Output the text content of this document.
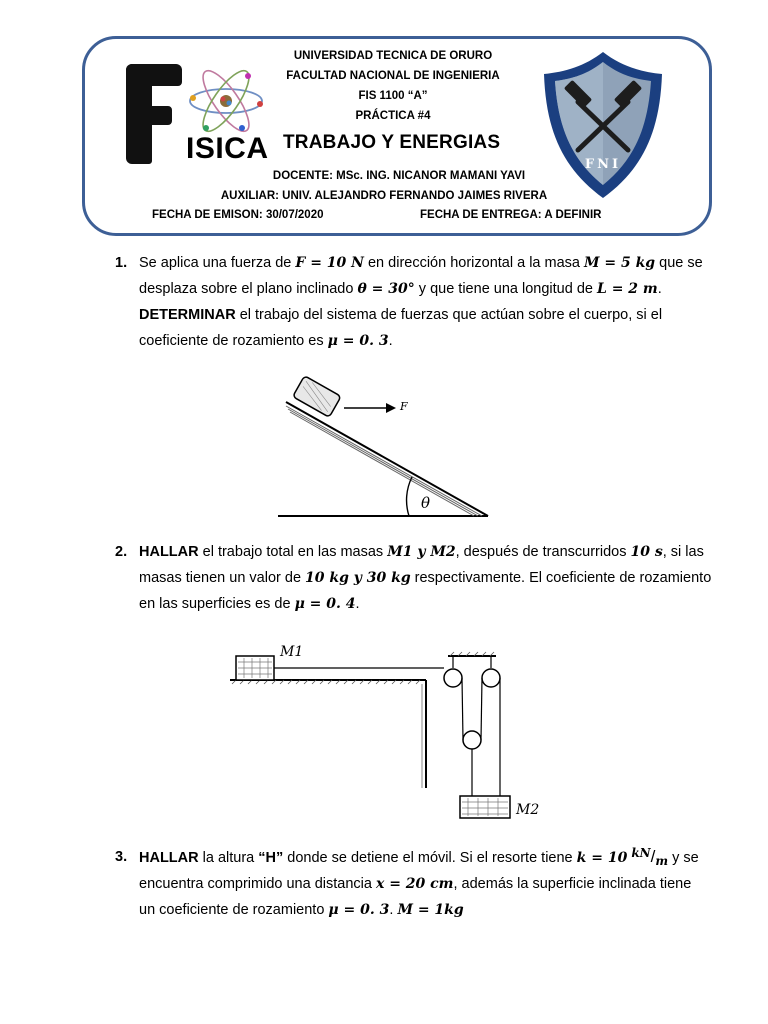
ISICA
UNIVERSIDAD TECNICA DE ORURO
FACULTAD NACIONAL DE INGENIERIA
FIS 1100 “A”
PRÁCTICA #4
TRABAJO Y ENERGIAS
DOCENTE: MSc. ING. NICANOR MAMANI YAVI
AUXILIAR: UNIV. ALEJANDRO FERNANDO JAIMES RIVERA
FECHA DE EMISON: 30/07/2020	FECHA DE ENTREGA: A DEFINIR
FNI
1. Se aplica una fuerza de F = 10 N en dirección horizontal a la masa M = 5 kg que se
desplaza sobre el plano inclinado θ = 30° y que tiene una longitud de L = 2 m.
DETERMINAR el trabajo del sistema de fuerzas que actúan sobre el cuerpo, si el
coeficiente de rozamiento es μ = 0. 3.
F
θ
2. HALLAR el trabajo total en las masas M1 y M2, después de transcurridos 10 s, si las
masas tienen un valor de 10 kg y 30 kg respectivamente. El coeficiente de rozamiento
en las superficies es de μ = 0. 4.
M1
M2
3. HALLAR la altura “H” donde se detiene el móvil. Si el resorte tiene k = 10 $^{kN}/_m$ y se
encuentra comprimido una distancia x = 20 cm, además la superficie inclinada tiene
un coeficiente de rozamiento μ = 0. 3. M = 1kg
